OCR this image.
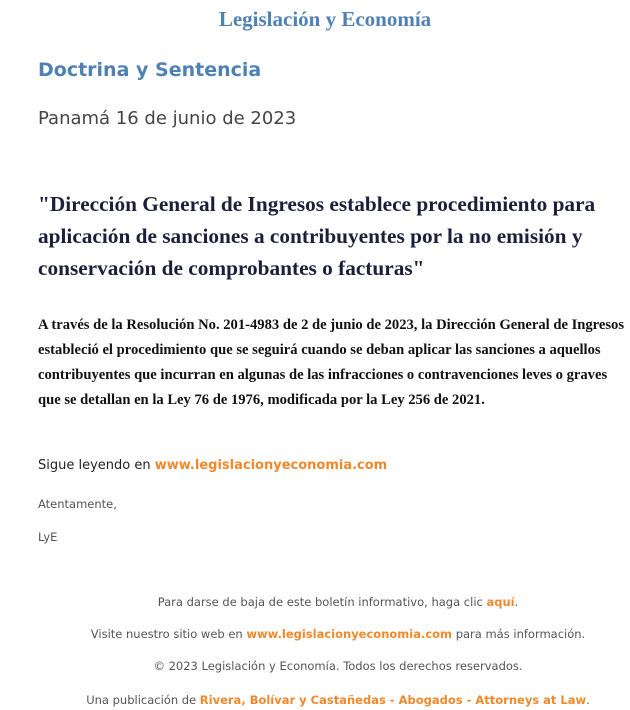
Legislación y Economía
Doctrina y Sentencia
Panamá 16 de junio de 2023
"Dirección General de Ingresos establece procedimiento para aplicación de sanciones a contribuyentes por la no emisión y conservación de comprobantes o facturas"

A través de la Resolución No. 201-4983 de 2 de junio de 2023, la Dirección General de Ingresos estableció el procedimiento que se seguirá cuando se deban aplicar las sanciones a aquellos contribuyentes que incurran en algunas de las infracciones o contravenciones leves o graves que se detallan en la Ley 76 de 1976, modificada por la Ley 256 de 2021.

Sigue leyendo en www.legislacionyeconomia.com
Atentamente,
LyE
Para darse de baja de este boletín informativo, haga clic aquí.
Visite nuestro sitio web en www.legislacionyeconomia.com para más información.
© 2023 Legislación y Economía. Todos los derechos reservados.
Una publicación de Rivera, Bolívar y Castañedas - Abogados - Attorneys at Law.
